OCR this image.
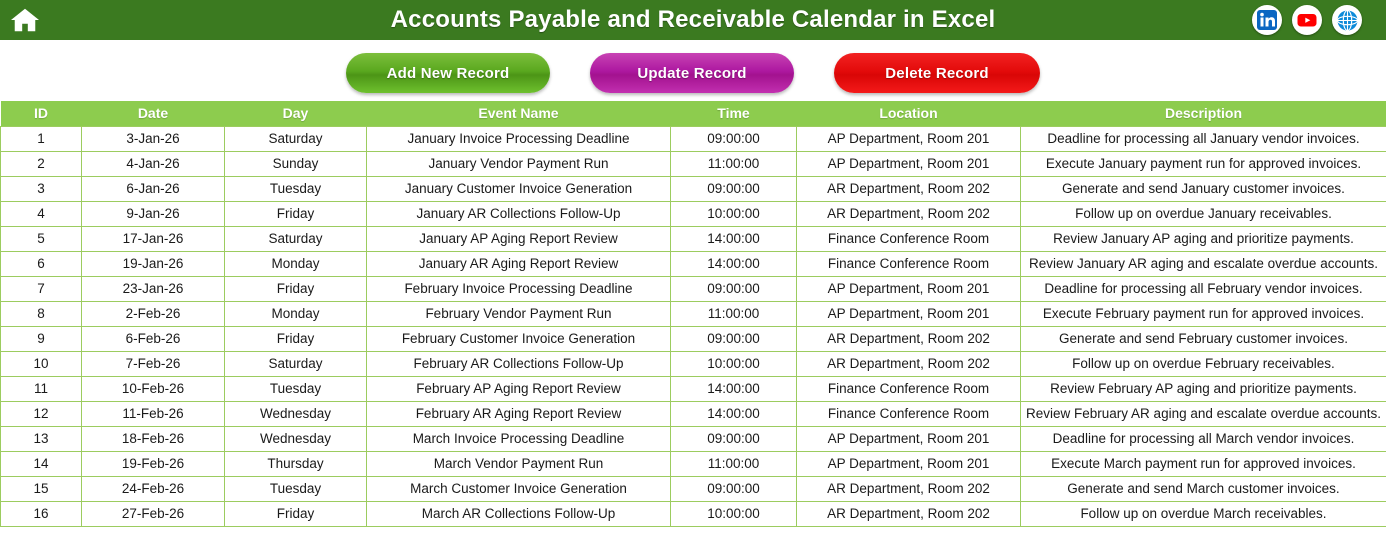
Accounts Payable and Receivable Calendar in Excel
Add New Record	Update Record	Delete Record
ID	Date	Day	Event Name	Time	Location	Description
1	3-Jan-26	Saturday	January Invoice Processing Deadline	09:00:00	AP Department, Room 201	Deadline for processing all January vendor invoices.
2	4-Jan-26	Sunday	January Vendor Payment Run	11:00:00	AP Department, Room 201	Execute January payment run for approved invoices.
3	6-Jan-26	Tuesday	January Customer Invoice Generation	09:00:00	AR Department, Room 202	Generate and send January customer invoices.
4	9-Jan-26	Friday	January AR Collections Follow-Up	10:00:00	AR Department, Room 202	Follow up on overdue January receivables.
5	17-Jan-26	Saturday	January AP Aging Report Review	14:00:00	Finance Conference Room	Review January AP aging and prioritize payments.
6	19-Jan-26	Monday	January AR Aging Report Review	14:00:00	Finance Conference Room	Review January AR aging and escalate overdue accounts.
7	23-Jan-26	Friday	February Invoice Processing Deadline	09:00:00	AP Department, Room 201	Deadline for processing all February vendor invoices.
8	2-Feb-26	Monday	February Vendor Payment Run	11:00:00	AP Department, Room 201	Execute February payment run for approved invoices.
9	6-Feb-26	Friday	February Customer Invoice Generation	09:00:00	AR Department, Room 202	Generate and send February customer invoices.
10	7-Feb-26	Saturday	February AR Collections Follow-Up	10:00:00	AR Department, Room 202	Follow up on overdue February receivables.
11	10-Feb-26	Tuesday	February AP Aging Report Review	14:00:00	Finance Conference Room	Review February AP aging and prioritize payments.
12	11-Feb-26	Wednesday	February AR Aging Report Review	14:00:00	Finance Conference Room	Review February AR aging and escalate overdue accounts.
13	18-Feb-26	Wednesday	March Invoice Processing Deadline	09:00:00	AP Department, Room 201	Deadline for processing all March vendor invoices.
14	19-Feb-26	Thursday	March Vendor Payment Run	11:00:00	AP Department, Room 201	Execute March payment run for approved invoices.
15	24-Feb-26	Tuesday	March Customer Invoice Generation	09:00:00	AR Department, Room 202	Generate and send March customer invoices.
16	27-Feb-26	Friday	March AR Collections Follow-Up	10:00:00	AR Department, Room 202	Follow up on overdue March receivables.
